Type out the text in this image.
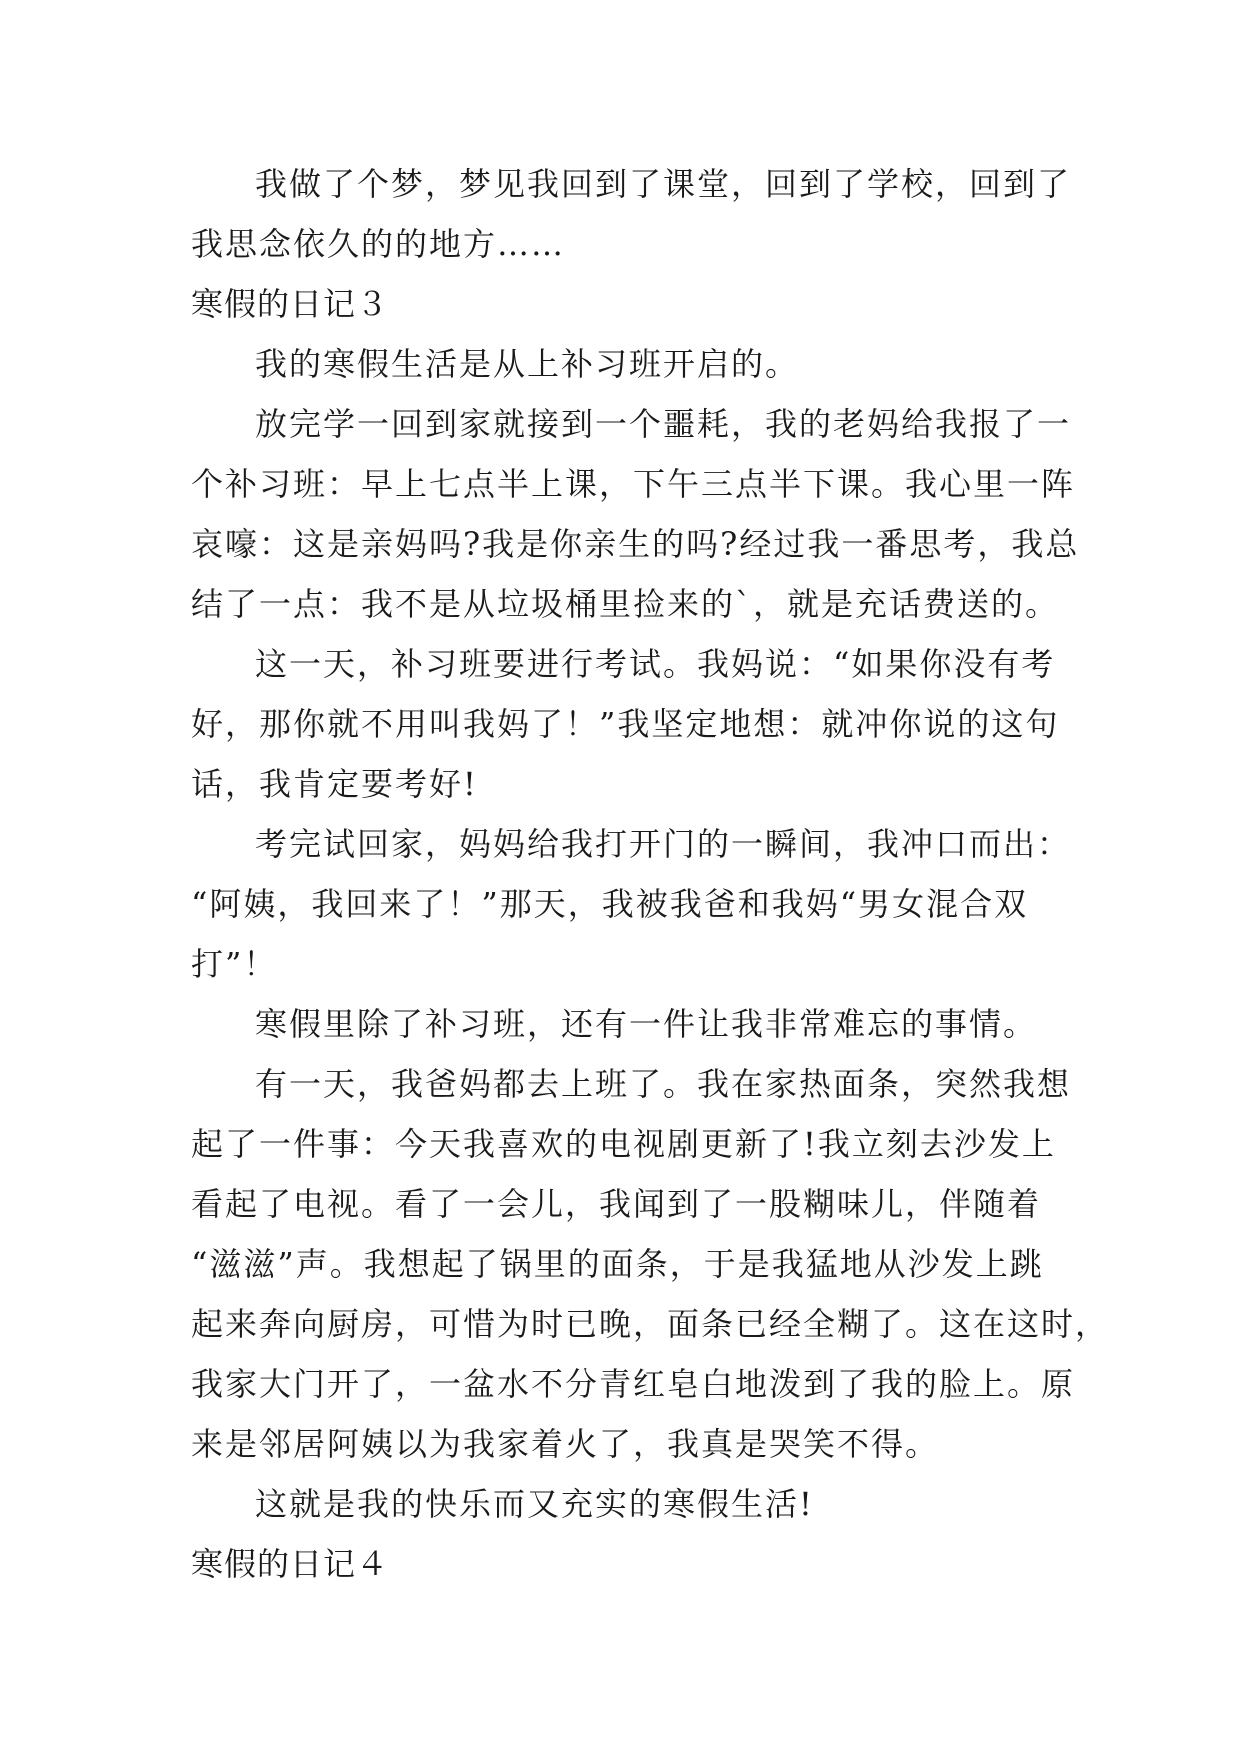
我做了个梦，梦见我回到了课堂，回到了学校，回到了
我思念依久的的地方……
寒假的日记３
我的寒假生活是从上补习班开启的。
放完学一回到家就接到一个噩耗，我的老妈给我报了一
个补习班：早上七点半上课，下午三点半下课。我心里一阵
哀嚎：这是亲妈吗?我是你亲生的吗?经过我一番思考，我总
结了一点：我不是从垃圾桶里捡来的`，就是充话费送的。
这一天，补习班要进行考试。我妈说：“如果你没有考
好，那你就不用叫我妈了！”我坚定地想：就冲你说的这句
话，我肯定要考好!
考完试回家，妈妈给我打开门的一瞬间，我冲口而出：
“阿姨，我回来了！”那天，我被我爸和我妈“男女混合双
打”！
寒假里除了补习班，还有一件让我非常难忘的事情。
有一天，我爸妈都去上班了。我在家热面条，突然我想
起了一件事：今天我喜欢的电视剧更新了!我立刻去沙发上
看起了电视。看了一会儿，我闻到了一股糊味儿，伴随着
“滋滋”声。我想起了锅里的面条，于是我猛地从沙发上跳
起来奔向厨房，可惜为时已晚，面条已经全糊了。这在这时，
我家大门开了，一盆水不分青红皂白地泼到了我的脸上。原
来是邻居阿姨以为我家着火了，我真是哭笑不得。
这就是我的快乐而又充实的寒假生活!
寒假的日记４
